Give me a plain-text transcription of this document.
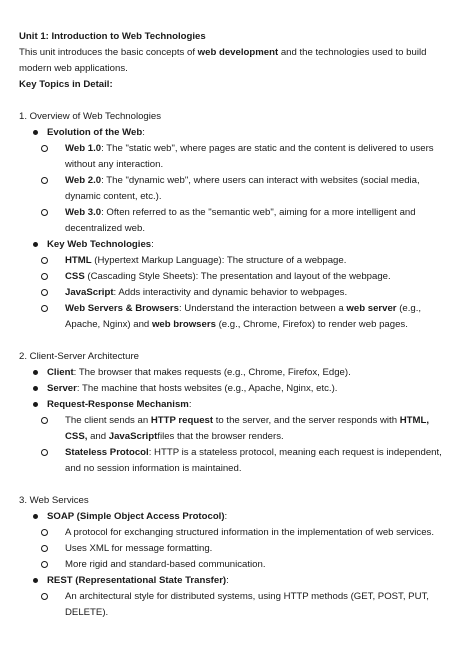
Unit 1: Introduction to Web Technologies

This unit introduces the basic concepts of web development and the technologies used to build modern web applications.

Key Topics in Detail:

1. Overview of Web Technologies

Evolution of the Web:
Web 1.0: The "static web", where pages are static and the content is delivered to users without any interaction.
Web 2.0: The "dynamic web", where users can interact with websites (social media, dynamic content, etc.).
Web 3.0: Often referred to as the "semantic web", aiming for a more intelligent and decentralized web.
Key Web Technologies:
HTML (Hypertext Markup Language): The structure of a webpage.
CSS (Cascading Style Sheets): The presentation and layout of the webpage.
JavaScript: Adds interactivity and dynamic behavior to webpages.
Web Servers & Browsers: Understand the interaction between a web server (e.g., Apache, Nginx) and web browsers (e.g., Chrome, Firefox) to render web pages.

2. Client-Server Architecture

Client: The browser that makes requests (e.g., Chrome, Firefox, Edge).
Server: The machine that hosts websites (e.g., Apache, Nginx, etc.).
Request-Response Mechanism:
The client sends an HTTP request to the server, and the server responds with HTML, CSS, and JavaScriptfiles that the browser renders.
Stateless Protocol: HTTP is a stateless protocol, meaning each request is independent, and no session information is maintained.

3. Web Services

SOAP (Simple Object Access Protocol):
A protocol for exchanging structured information in the implementation of web services.
Uses XML for message formatting.
More rigid and standard-based communication.
REST (Representational State Transfer):
An architectural style for distributed systems, using HTTP methods (GET, POST, PUT, DELETE).
